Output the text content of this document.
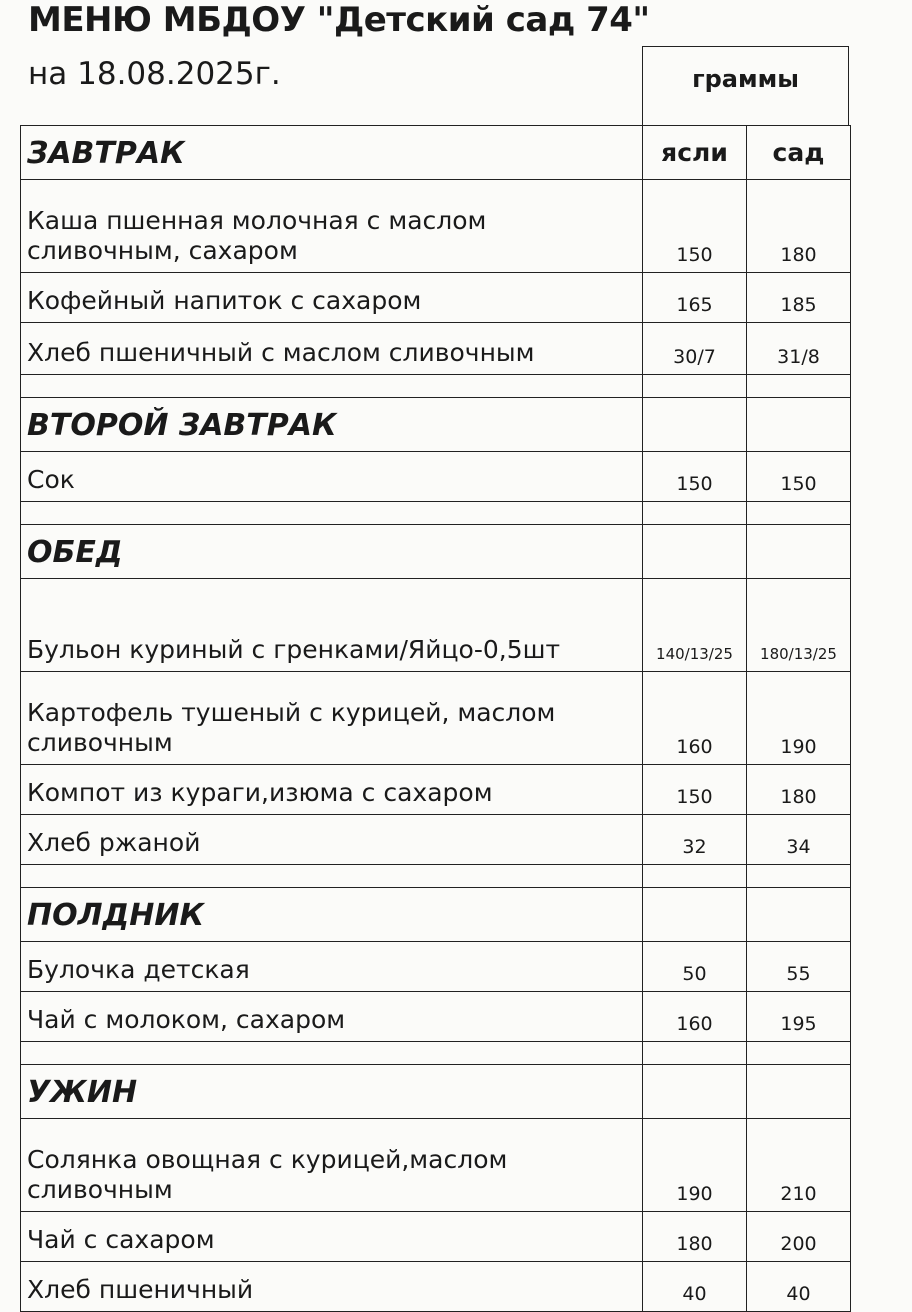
МЕНЮ МБДОУ "Детский сад 74"
на 18.08.2025г.	граммы
ЗАВТРАК	ясли	сад
Каша пшенная молочная с маслом сливочным, сахаром	150	180
Кофейный напиток с сахаром	165	185
Хлеб пшеничный с маслом сливочным	30/7	31/8

ВТОРОЙ ЗАВТРАК		
Сок	150	150

ОБЕД		
Бульон куриный с гренками/Яйцо-0,5шт	140/13/25	180/13/25
Картофель тушеный с курицей, маслом сливочным	160	190
Компот из кураги,изюма с сахаром	150	180
Хлеб ржаной	32	34

ПОЛДНИК		
Булочка детская	50	55
Чай с молоком, сахаром	160	195

УЖИН		
Солянка овощная с курицей,маслом сливочным	190	210
Чай с сахаром	180	200
Хлеб пшеничный	40	40
